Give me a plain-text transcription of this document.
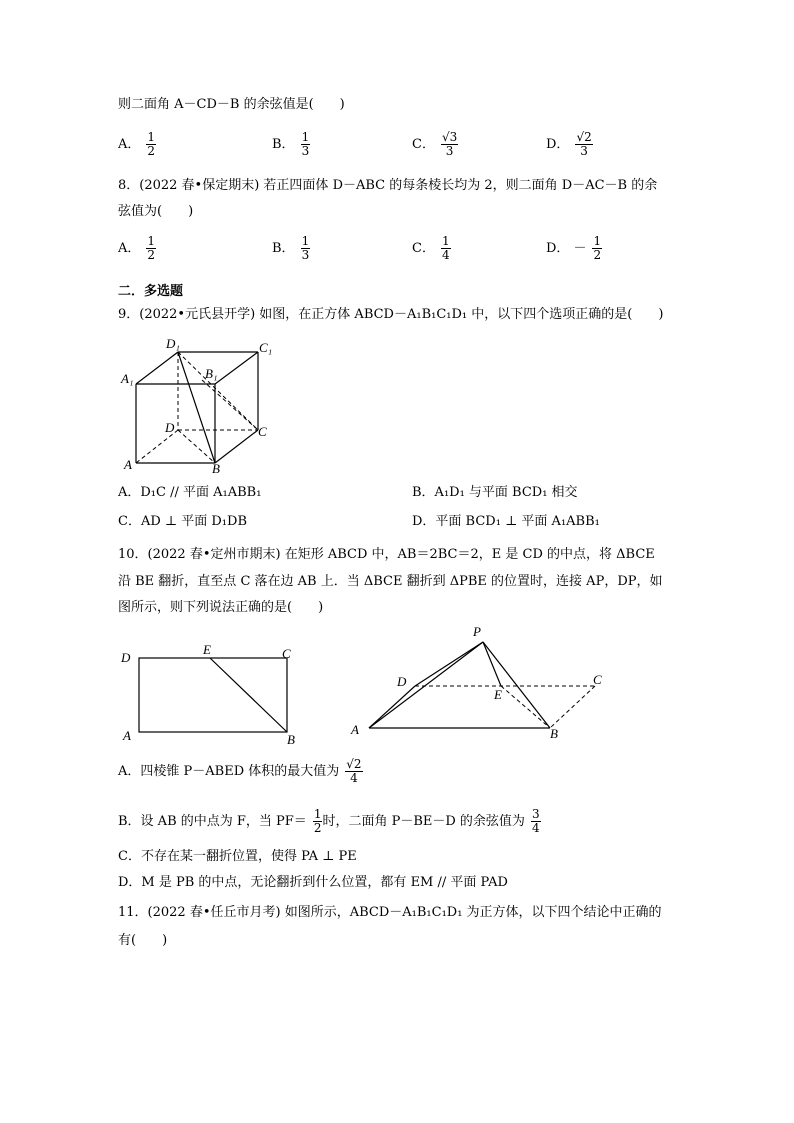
则二面角 A－CD－B 的余弦值是(　　)
A． $\frac{1}{2}$	B． $\frac{1}{3}$	C． $\frac{√3}{3}$	D． $\frac{√2}{3}$
8．(2022 春•保定期末) 若正四面体 D－ABC 的每条棱长均为 2，则二面角 D－AC－B 的余
弦值为(　　)
A． $\frac{1}{2}$	B． $\frac{1}{3}$	C． $\frac{1}{4}$	D． － $\frac{1}{2}$
二．多选题
9．(2022•元氏县开学) 如图，在正方体 ABCD－A₁B₁C₁D₁ 中，以下四个选项正确的是(　　)
D₁	C₁
A₁	B₁
D	C
A	B
A．D₁C // 平面 A₁ABB₁	B．A₁D₁ 与平面 BCD₁ 相交
C．AD ⊥ 平面 D₁DB	D．平面 BCD₁ ⊥ 平面 A₁ABB₁
10．(2022 春•定州市期末) 在矩形 ABCD 中，AB＝2BC＝2，E 是 CD 的中点，将 ΔBCE
沿 BE 翻折，直至点 C 落在边 AB 上．当 ΔBCE 翻折到 ΔPBE 的位置时，连接 AP，DP，如
图所示，则下列说法正确的是(　　)
D
E	C
A	B
P
D	C
E
A	B
A．四棱锥 P－ABED 体积的最大值为 $\frac{√2}{4}$
B．设 AB 的中点为 F，当 $PF= \frac{1}{2}$ 时，二面角 P－BE－D 的余弦值为 $\frac{3}{4}$
C．不存在某一翻折位置，使得 PA ⊥ PE
D．M 是 PB 的中点，无论翻折到什么位置，都有 EM // 平面 PAD
11．(2022 春•任丘市月考) 如图所示，ABCD－A₁B₁C₁D₁ 为正方体，以下四个结论中正确的
有(　　)
